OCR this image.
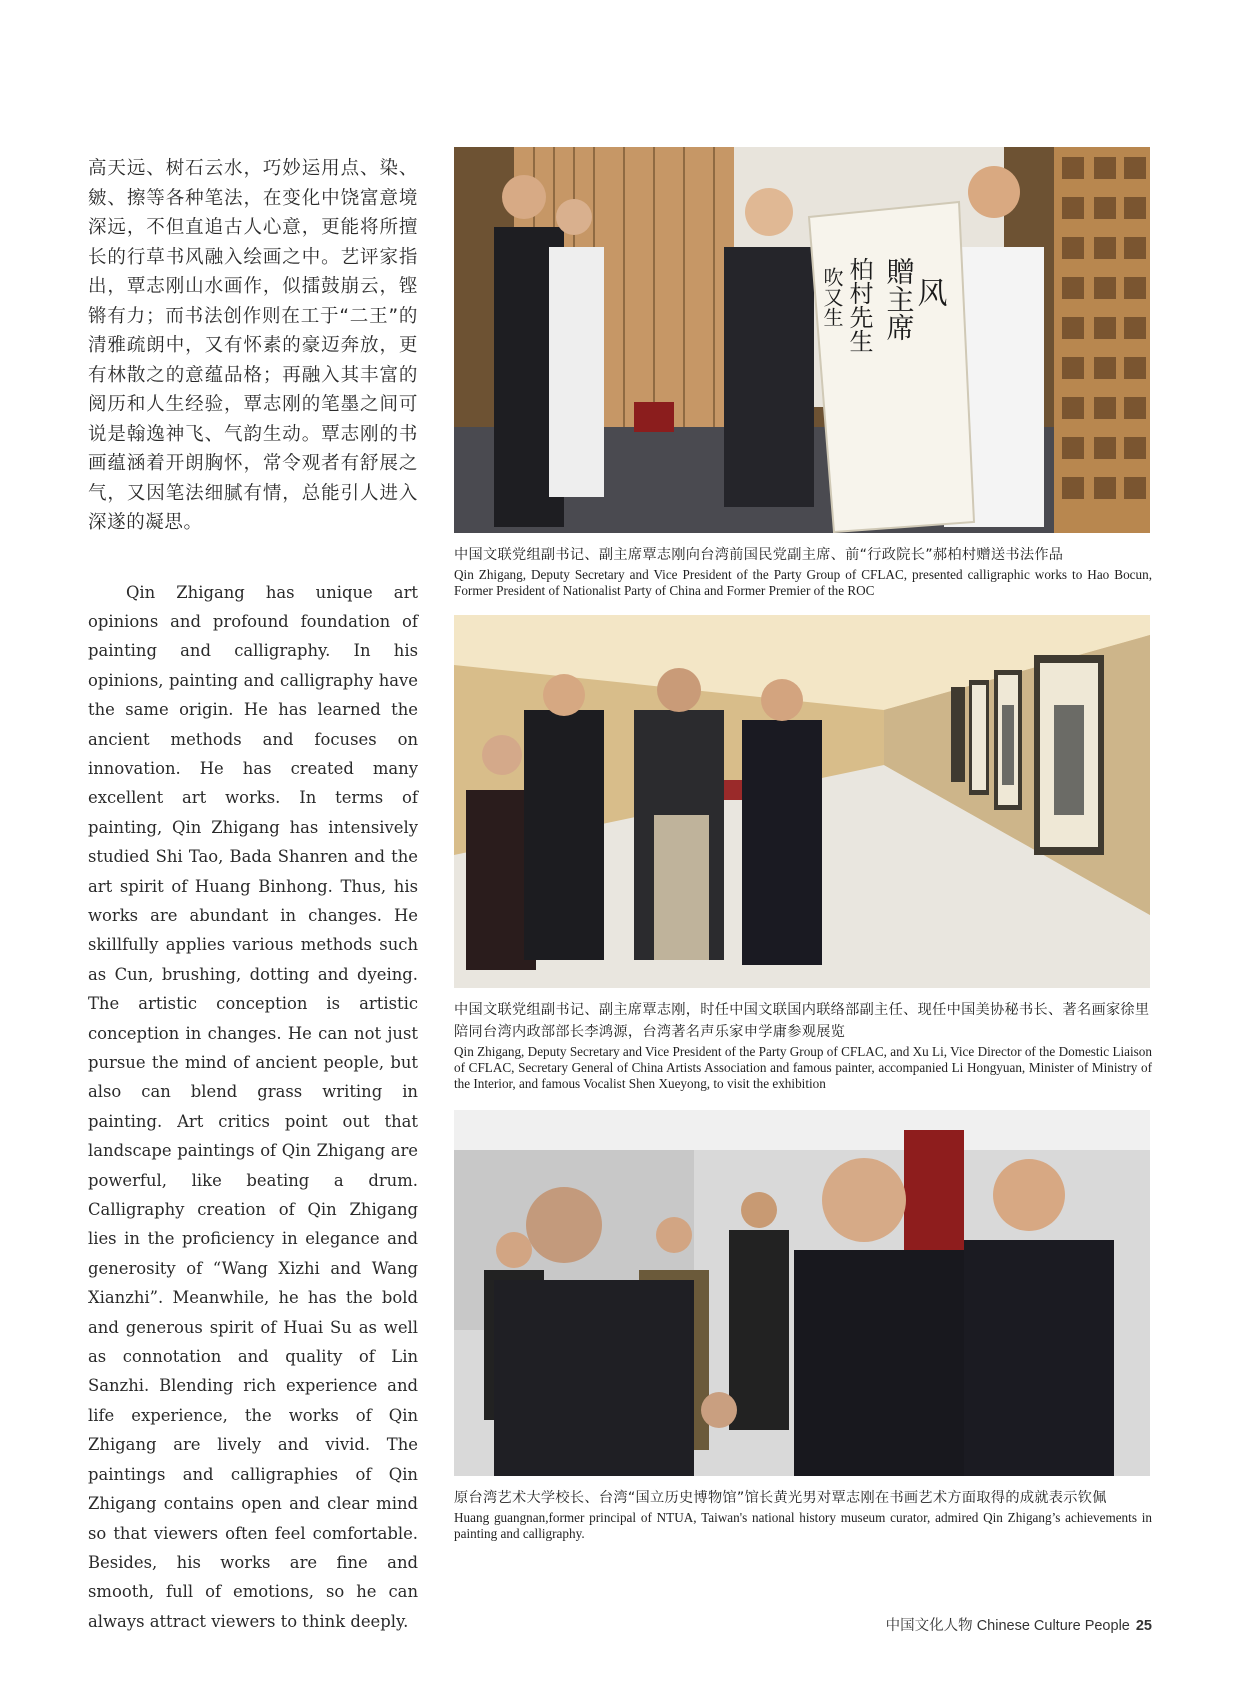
高天远、树石云水，巧妙运用点、染、皴、擦等各种笔法，在变化中饶富意境深远，不但直追古人心意，更能将所擅长的行草书风融入绘画之中。艺评家指出，覃志刚山水画作，似擂鼓崩云，铿锵有力；而书法创作则在工于“二王”的清雅疏朗中，又有怀素的豪迈奔放，更有林散之的意蕴品格；再融入其丰富的阅历和人生经验，覃志刚的笔墨之间可说是翰逸神飞、气韵生动。覃志刚的书画蕴涵着开朗胸怀，常令观者有舒展之气，又因笔法细腻有情，总能引人进入深遂的凝思。

Qin Zhigang has unique art opinions and profound foundation of painting and calligraphy. In his opinions, painting and calligraphy have the same origin. He has learned the ancient methods and focuses on innovation. He has created many excellent art works. In terms of painting, Qin Zhigang has intensively studied Shi Tao, Bada Shanren and the art spirit of Huang Binhong. Thus, his works are abundant in changes. He skillfully applies various methods such as Cun, brushing, dotting and dyeing. The artistic conception is artistic conception in changes. He can not just pursue the mind of ancient people, but also can blend grass writing in painting. Art critics point out that landscape paintings of Qin Zhigang are powerful, like beating a drum. Calligraphy creation of Qin Zhigang lies in the proficiency in elegance and generosity of “Wang Xizhi and Wang Xianzhi”. Meanwhile, he has the bold and generous spirit of Huai Su as well as connotation and quality of Lin Sanzhi. Blending rich experience and life experience, the works of Qin Zhigang are lively and vivid. The paintings and calligraphies of Qin Zhigang contains open and clear mind so that viewers often feel comfortable. Besides, his works are fine and smooth, full of emotions, so he can always attract viewers to think deeply.

贈主席
柏村先生 风
吹又生

中国文联党组副书记、副主席覃志刚向台湾前国民党副主席、前“行政院长”郝柏村赠送书法作品

Qin Zhigang, Deputy Secretary and Vice President of the Party Group of CFLAC, presented calligraphic works to Hao Bocun, Former President of Nationalist Party of China and Former Premier of the ROC

中国文联党组副书记、副主席覃志刚，时任中国文联国内联络部副主任、现任中国美协秘书长、著名画家徐里陪同台湾内政部部长李鸿源，台湾著名声乐家申学庸参观展览

Qin Zhigang, Deputy Secretary and Vice President of the Party Group of CFLAC, and Xu Li, Vice Director of the Domestic Liaison of CFLAC, Secretary General of China Artists Association and famous painter, accompanied Li Hongyuan, Minister of Ministry of the Interior, and famous Vocalist Shen Xueyong, to visit the exhibition

原台湾艺术大学校长、台湾“国立历史博物馆”馆长黄光男对覃志刚在书画艺术方面取得的成就表示钦佩

Huang guangnan,former principal of NTUA, Taiwan's national history museum curator, admired Qin Zhigang’s achievements in painting and calligraphy.

中国文化人物 Chinese Culture People 25
